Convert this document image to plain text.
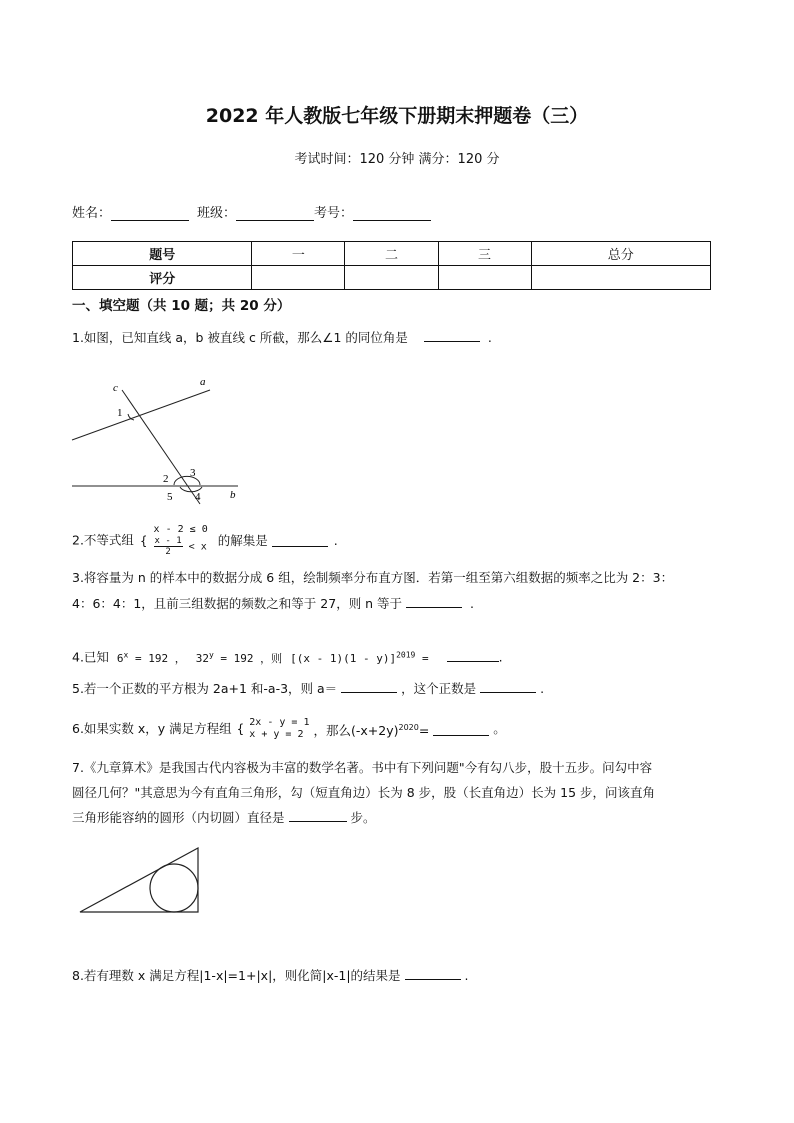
2022 年人教版七年级下册期末押题卷（三）
考试时间：120 分钟 满分：120 分
姓名：	班级：	考号：
题号	一	二	三	总分
评分				
一、填空题（共 10 题；共 20 分）
1.如图，已知直线 a，b 被直线 c 所截，那么∠1 的同位角是	.
c	a
b
1
2 3
4
5
2.不等式组 {
x - 2 ≤ 0
$\frac{x - 1}{2} < x$ 的解集是	.
3.将容量为 n 的样本中的数据分成 6 组，绘制频率分布直方图．若第一组至第六组数据的频率之比为 2：3：
4：6：4：1，且前三组数据的频数之和等于 27，则 n 等于	.
4.已知 $6^x = 192$ ， $32^y = 192$ ，则 [(x - 1)(1 - y)]$^{2019}$ =	.
5.若一个正数的平方根为 2a+1 和-a-3，则 a＝	，这个正数是	.
6.如果实数 x，y 满足方程组 { 2x - y = 1
x + y = 2 ，那么$(-x+2y)^{2020}=$	。
7.《九章算术》是我国古代内容极为丰富的数学名著。书中有下列问题"今有勾八步，股十五步。问勾中容
圆径几何？"其意思为今有直角三角形，勾（短直角边）长为 8 步，股（长直角边）长为 15 步，问该直角
三角形能容纳的圆形（内切圆）直径是	步。
8.若有理数 x 满足方程|1-x|=1+|x|，则化简|x-1|的结果是	.
